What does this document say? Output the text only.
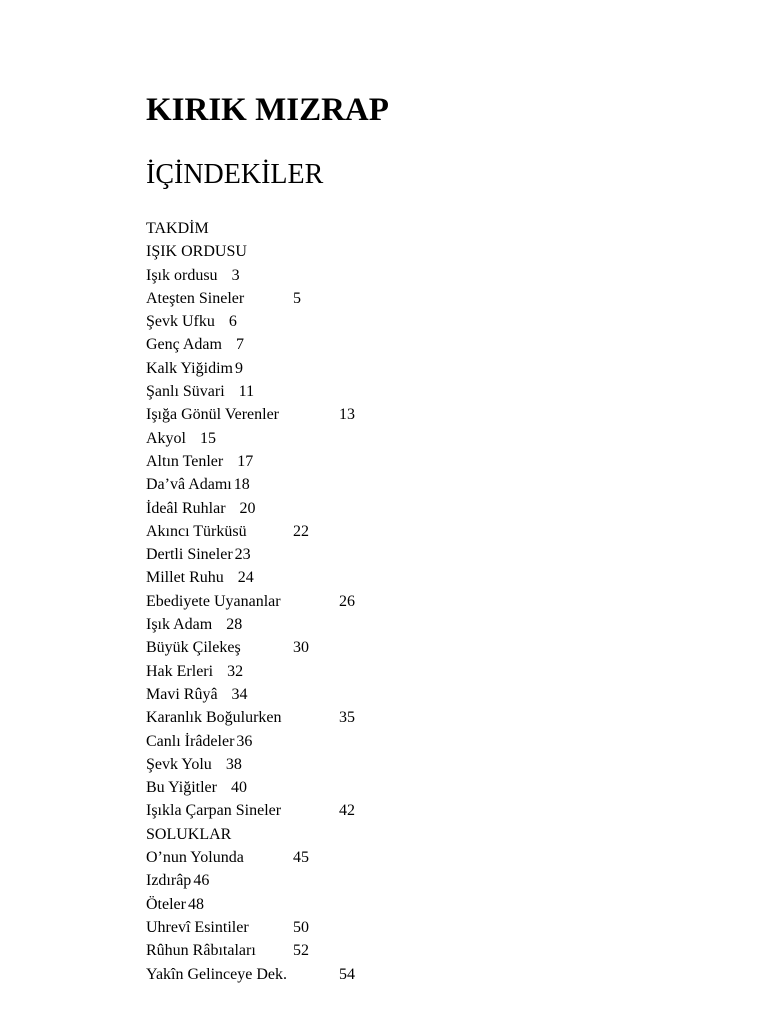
KIRIK MIZRAP
İÇİNDEKİLER
TAKDİM
IŞIK ORDUSU
Işık ordusu 3
Ateşten Sineler	5
Şevk Ufku 6
Genç Adam 7
Kalk Yiğidim 9
Şanlı Süvari 11
Işığa Gönül Verenler	13
Akyol 15
Altın Tenler 17
Da’vâ Adamı 18
İdeâl Ruhlar 20
Akıncı Türküsü	22
Dertli Sineler 23
Millet Ruhu 24
Ebediyete Uyananlar	26
Işık Adam 28
Büyük Çilekeş	30
Hak Erleri 32
Mavi Rûyâ 34
Karanlık Boğulurken	35
Canlı İrâdeler 36
Şevk Yolu 38
Bu Yiğitler 40
Işıkla Çarpan Sineler	42
SOLUKLAR
O’nun Yolunda	45
Izdırâp 46
Öteler 48
Uhrevî Esintiler	50
Rûhun Râbıtaları 52
Yakîn Gelinceye Dek.	54
